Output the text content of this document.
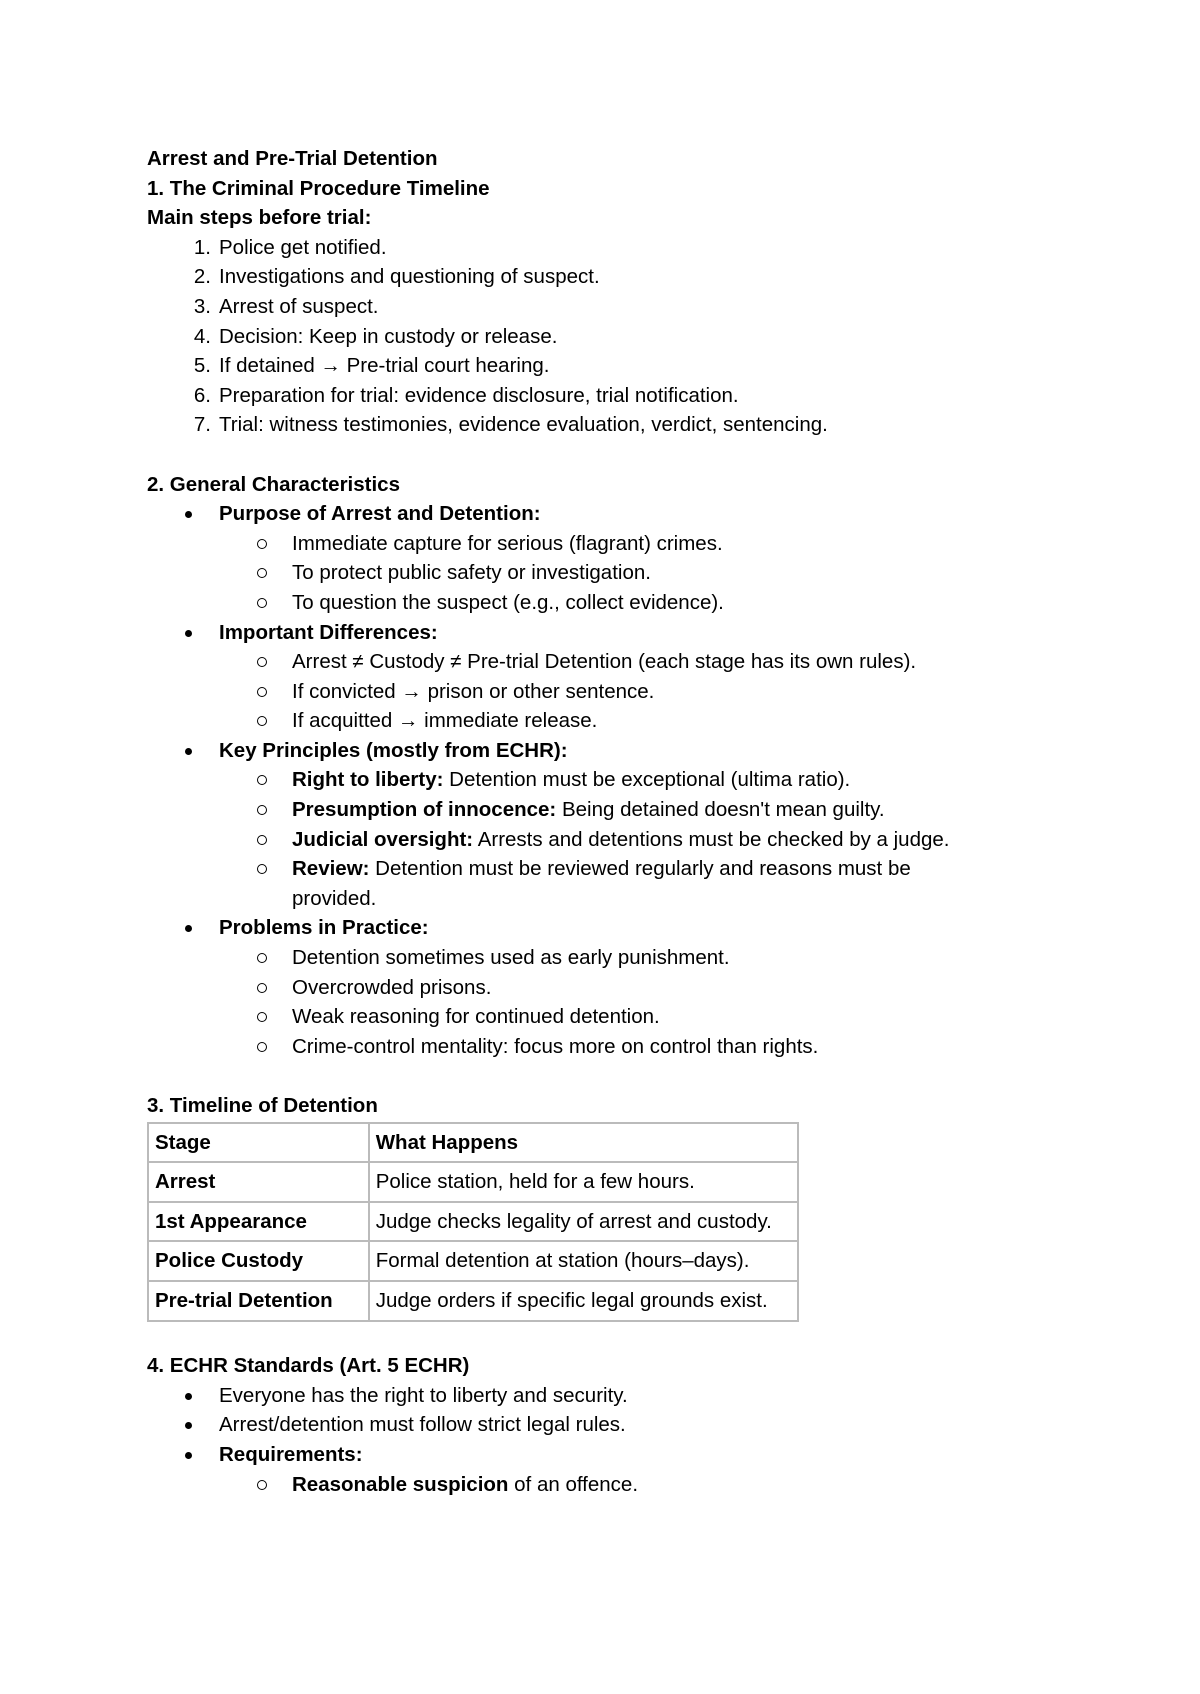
Arrest and Pre-Trial Detention
1. The Criminal Procedure Timeline
Main steps before trial:
1. Police get notified.
2. Investigations and questioning of suspect.
3. Arrest of suspect.
4. Decision: Keep in custody or release.
5. If detained → Pre-trial court hearing.
6. Preparation for trial: evidence disclosure, trial notification.
7. Trial: witness testimonies, evidence evaluation, verdict, sentencing.
2. General Characteristics
Purpose of Arrest and Detention:
Immediate capture for serious (flagrant) crimes.
To protect public safety or investigation.
To question the suspect (e.g., collect evidence).
Important Differences:
Arrest ≠ Custody ≠ Pre-trial Detention (each stage has its own rules).
If convicted → prison or other sentence.
If acquitted → immediate release.
Key Principles (mostly from ECHR):
Right to liberty: Detention must be exceptional (ultima ratio).
Presumption of innocence: Being detained doesn't mean guilty.
Judicial oversight: Arrests and detentions must be checked by a judge.
Review: Detention must be reviewed regularly and reasons must be provided.
Problems in Practice:
Detention sometimes used as early punishment.
Overcrowded prisons.
Weak reasoning for continued detention.
Crime-control mentality: focus more on control than rights.
3. Timeline of Detention
Stage	What Happens
Arrest	Police station, held for a few hours.
1st Appearance	Judge checks legality of arrest and custody.
Police Custody	Formal detention at station (hours–days).
Pre-trial Detention	Judge orders if specific legal grounds exist.
4. ECHR Standards (Art. 5 ECHR)
Everyone has the right to liberty and security.
Arrest/detention must follow strict legal rules.
Requirements:
Reasonable suspicion of an offence.
